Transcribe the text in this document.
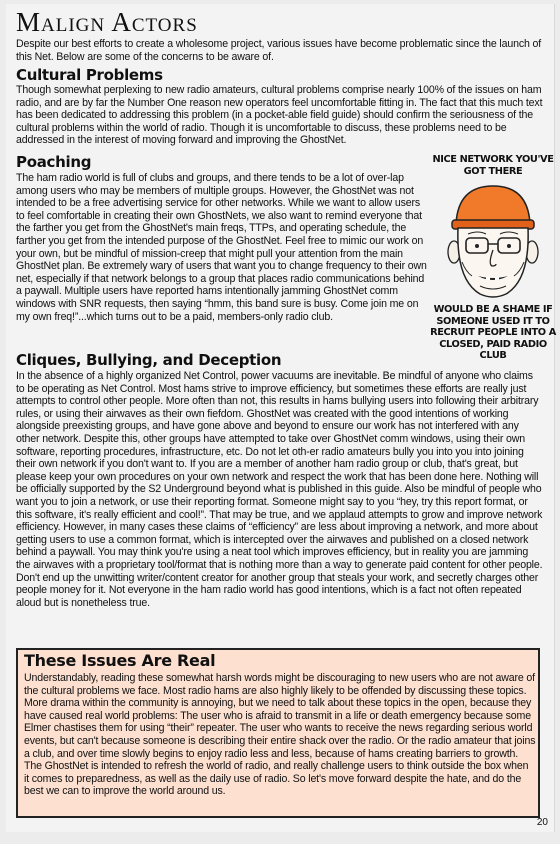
Malign Actors

Despite our best efforts to create a wholesome project, various issues have become problematic since the launch of this Net. Below are some of the concerns to be aware of.

Cultural Problems

Though somewhat perplexing to new radio amateurs, cultural problems comprise nearly 100% of the issues on ham radio, and are by far the Number One reason new operators feel uncomfortable fitting in. The fact that this much text has been dedicated to addressing this problem (in a pocket-able field guide) should confirm the seriousness of the cultural problems within the world of radio. Though it is uncomfortable to discuss, these problems need to be addressed in the interest of moving forward and improving the GhostNet.

Poaching

The ham radio world is full of clubs and groups, and there tends to be a lot of over-lap among users who may be members of multiple groups. However, the GhostNet was not intended to be a free advertising service for other networks. While we want to allow users to feel comfortable in creating their own GhostNets, we also want to remind everyone that the farther you get from the GhostNet's main freqs, TTPs, and operating schedule, the farther you get from the intended purpose of the GhostNet. Feel free to mimic our work on your own, but be mindful of mission-creep that might pull your attention from the main GhostNet plan. Be extremely wary of users that want you to change frequency to their own net, especially if that network belongs to a group that places radio communications behind a paywall. Multiple users have reported hams intentionally jamming GhostNet comm windows with SNR requests, then saying “hmm, this band sure is busy. Come join me on my own freq!”...which turns out to be a paid, members-only radio club.

NICE NETWORK YOU'VE GOT THERE
WOULD BE A SHAME IF SOMEONE USED IT TO RECRUIT PEOPLE INTO A CLOSED, PAID RADIO CLUB
Cliques, Bullying, and Deception

In the absence of a highly organized Net Control, power vacuums are inevitable. Be mindful of anyone who claims to be operating as Net Control. Most hams strive to improve efficiency, but sometimes these efforts are really just attempts to control other people. More often than not, this results in hams bullying users into following their arbitrary rules, or using their airwaves as their own fiefdom. GhostNet was created with the good intentions of working alongside preexisting groups, and have gone above and beyond to ensure our work has not interfered with any other network. Despite this, other groups have attempted to take over GhostNet comm windows, using their own software, reporting procedures, infrastructure, etc. Do not let oth-er radio amateurs bully you into you into joining their own network if you don't want to. If you are a member of another ham radio group or club, that's great, but please keep your own procedures on your own network and respect the work that has been done here. Nothing will be officially supported by the S2 Underground beyond what is published in this guide. Also be mindful of people who want you to join a network, or use their reporting format. Someone might say to you “hey, try this report format, or this software, it's really efficient and cool!”. That may be true, and we applaud attempts to grow and improve network efficiency. However, in many cases these claims of “efficiency” are less about improving a network, and more about getting users to use a common format, which is intercepted over the airwaves and published on a closed network behind a paywall. You may think you're using a neat tool which improves efficiency, but in reality you are jamming the airwaves with a proprietary tool/format that is nothing more than a way to generate paid content for other people. Don't end up the unwitting writer/content creator for another group that steals your work, and secretly charges other people money for it. Not everyone in the ham radio world has good intentions, which is a fact not often repeated aloud but is nonetheless true.

These Issues Are Real

Understandably, reading these somewhat harsh words might be discouraging to new users who are not aware of the cultural problems we face. Most radio hams are also highly likely to be offended by discussing these topics. More drama within the community is annoying, but we need to talk about these topics in the open, because they have caused real world problems: The user who is afraid to transmit in a life or death emergency because some Elmer chastises them for using “their” repeater. The user who wants to receive the news regarding serious world events, but can't because someone is describing their entire shack over the radio. Or the radio amateur that joins a club, and over time slowly begins to enjoy radio less and less, because of hams creating barriers to growth. The GhostNet is intended to refresh the world of radio, and really challenge users to think outside the box when it comes to preparedness, as well as the daily use of radio. So let's move forward despite the hate, and do the best we can to improve the world around us.

20
